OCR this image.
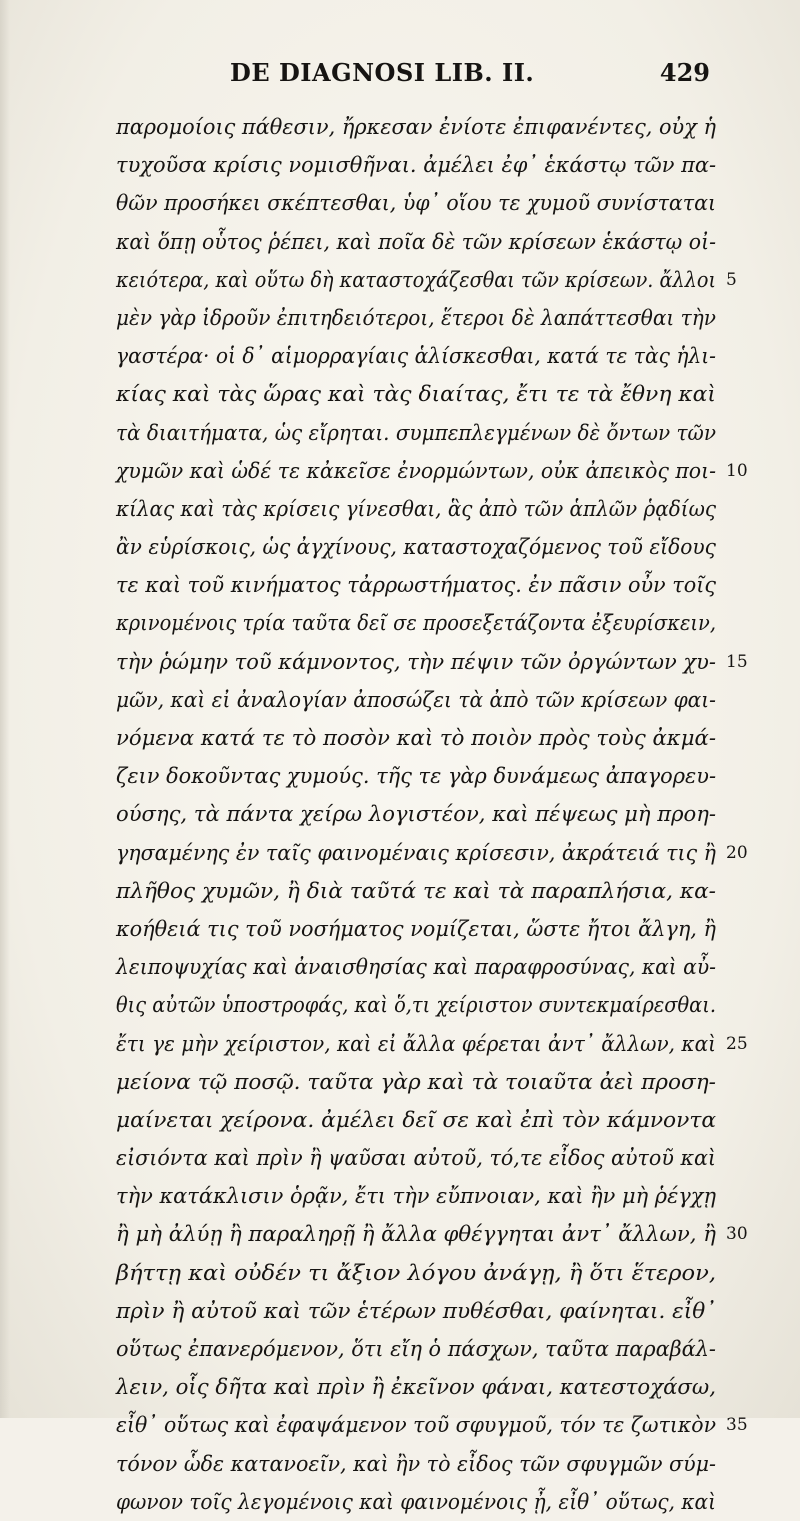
DE DIAGNOSI LIB. II.	429
παρομοίοις πάθεσιν, ἤρκεσαν ἐνίοτε ἐπιφανέντες, οὐχ ἡ
τυχοῦσα κρίσις νομισθῆναι. ἀμέλει ἐφ᾽ ἑκάστῳ τῶν πα-
θῶν προσήκει σκέπτεσθαι, ὑφ᾽ οἵου τε χυμοῦ συνίσταται
καὶ ὅπῃ οὗτος ῥέπει, καὶ ποῖα δὲ τῶν κρίσεων ἑκάστῳ οἰ-
κειότερα, καὶ οὕτω δὴ καταστοχάζεσθαι τῶν κρίσεων. ἄλλοι 5
μὲν γὰρ ἱδροῦν ἐπιτηδειότεροι, ἕτεροι δὲ λαπάττεσθαι τὴν
γαστέρα· οἱ δ᾽ αἱμορραγίαις ἁλίσκεσθαι, κατά τε τὰς ἡλι-
κίας καὶ τὰς ὥρας καὶ τὰς διαίτας, ἔτι τε τὰ ἔθνη καὶ
τὰ διαιτήματα, ὡς εἴρηται. συμπεπλεγμένων δὲ ὄντων τῶν
χυμῶν καὶ ὡδέ τε κἀκεῖσε ἐνορμώντων, οὐκ ἀπεικὸς ποι- 10
κίλας καὶ τὰς κρίσεις γίνεσθαι, ἃς ἀπὸ τῶν ἁπλῶν ῥᾳδίως
ἂν εὑρίσκοις, ὡς ἀγχίνους, καταστοχαζόμενος τοῦ εἴδους
τε καὶ τοῦ κινήματος τἀρρωστήματος. ἐν πᾶσιν οὖν τοῖς
κρινομένοις τρία ταῦτα δεῖ σε προσεξετάζοντα ἐξευρίσκειν,
τὴν ῥώμην τοῦ κάμνοντος, τὴν πέψιν τῶν ὀργώντων χυ- 15
μῶν, καὶ εἰ ἀναλογίαν ἀποσώζει τὰ ἀπὸ τῶν κρίσεων φαι-
νόμενα κατά τε τὸ ποσὸν καὶ τὸ ποιὸν πρὸς τοὺς ἀκμά-
ζειν δοκοῦντας χυμούς. τῆς τε γὰρ δυνάμεως ἀπαγορευ-
ούσης, τὰ πάντα χείρω λογιστέον, καὶ πέψεως μὴ προη-
γησαμένης ἐν ταῖς φαινομέναις κρίσεσιν, ἀκράτειά τις ἢ 20
πλῆθος χυμῶν, ἢ διὰ ταῦτά τε καὶ τὰ παραπλήσια, κα-
κοήθειά τις τοῦ νοσήματος νομίζεται, ὥστε ἤτοι ἄλγη, ἢ
λειποψυχίας καὶ ἀναισθησίας καὶ παραφροσύνας, καὶ αὖ-
θις αὐτῶν ὑποστροφάς, καὶ ὅ,τι χείριστον συντεκμαίρεσθαι.
ἔτι γε μὴν χείριστον, καὶ εἰ ἄλλα φέρεται ἀντ᾽ ἄλλων, καὶ 25
μείονα τῷ ποσῷ. ταῦτα γὰρ καὶ τὰ τοιαῦτα ἀεὶ προση-
μαίνεται χείρονα. ἀμέλει δεῖ σε καὶ ἐπὶ τὸν κάμνοντα
εἰσιόντα καὶ πρὶν ἢ ψαῦσαι αὐτοῦ, τό,τε εἶδος αὐτοῦ καὶ
τὴν κατάκλισιν ὁρᾷν, ἔτι τὴν εὔπνοιαν, καὶ ἢν μὴ ῥέγχῃ
ἢ μὴ ἀλύῃ ἢ παραληρῇ ἢ ἄλλα φθέγγηται ἀντ᾽ ἄλλων, ἢ 30
βήττῃ καὶ οὐδέν τι ἄξιον λόγου ἀνάγῃ, ἢ ὅτι ἕτερον,
πρὶν ἢ αὐτοῦ καὶ τῶν ἑτέρων πυθέσθαι, φαίνηται. εἶθ᾽
οὕτως ἐπανερόμενον, ὅτι εἴη ὁ πάσχων, ταῦτα παραβάλ-
λειν, οἷς δῆτα καὶ πρὶν ἢ ἐκεῖνον φάναι, κατεστοχάσω,
εἶθ᾽ οὕτως καὶ ἐφαψάμενον τοῦ σφυγμοῦ, τόν τε ζωτικὸν 35
τόνον ὧδε κατανοεῖν, καὶ ἢν τὸ εἶδος τῶν σφυγμῶν σύμ-
φωνον τοῖς λεγομένοις καὶ φαινομένοις ᾖ, εἶθ᾽ οὕτως, καὶ
